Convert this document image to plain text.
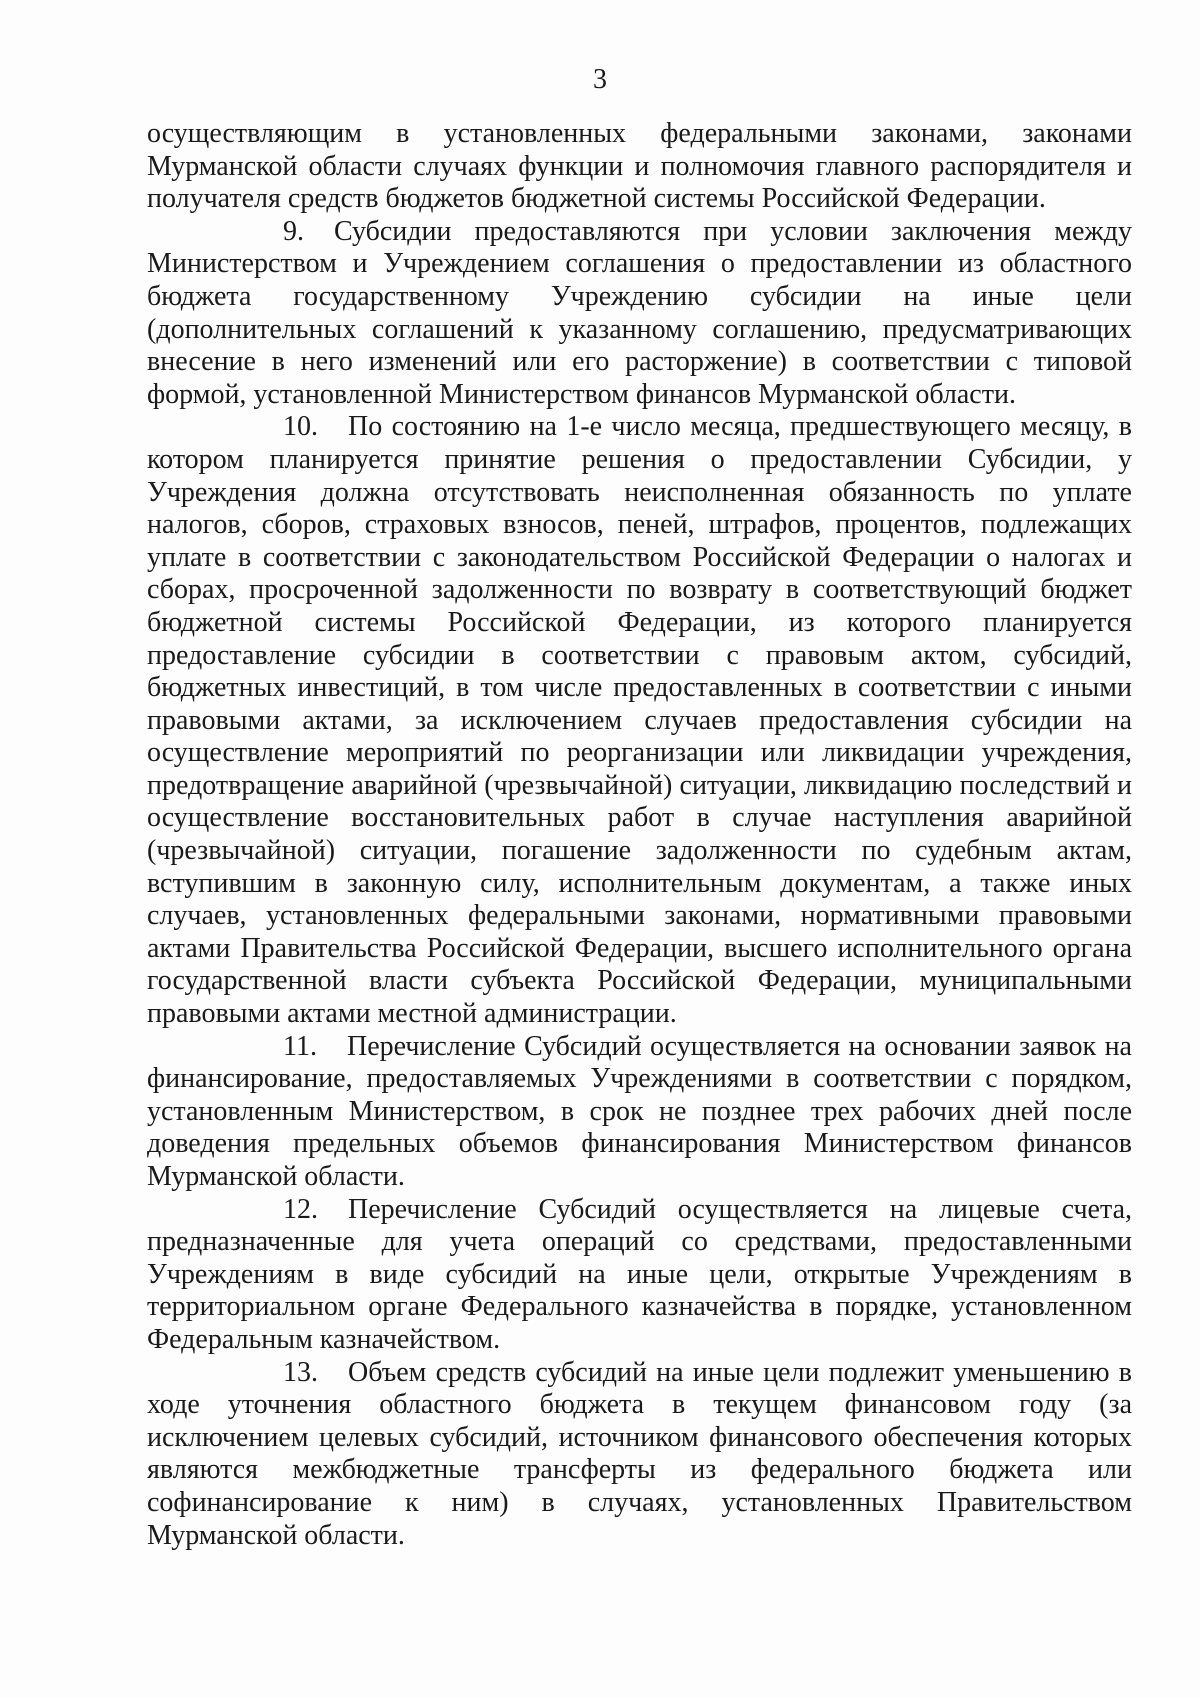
3

осуществляющим в установленных федеральными законами, законами Мурманской области случаях функции и полномочия главного распорядителя и получателя средств бюджетов бюджетной системы Российской Федерации.

9. Субсидии предоставляются при условии заключения между Министерством и Учреждением соглашения о предоставлении из областного бюджета государственному Учреждению субсидии на иные цели (дополнительных соглашений к указанному соглашению, предусматривающих внесение в него изменений или его расторжение) в соответствии с типовой формой, установленной Министерством финансов Мурманской области.

10. По состоянию на 1-е число месяца, предшествующего месяцу, в котором планируется принятие решения о предоставлении Субсидии, у Учреждения должна отсутствовать неисполненная обязанность по уплате налогов, сборов, страховых взносов, пеней, штрафов, процентов, подлежащих уплате в соответствии с законодательством Российской Федерации о налогах и сборах, просроченной задолженности по возврату в соответствующий бюджет бюджетной системы Российской Федерации, из которого планируется предоставление субсидии в соответствии с правовым актом, субсидий, бюджетных инвестиций, в том числе предоставленных в соответствии с иными правовыми актами, за исключением случаев предоставления субсидии на осуществление мероприятий по реорганизации или ликвидации учреждения, предотвращение аварийной (чрезвычайной) ситуации, ликвидацию последствий и осуществление восстановительных работ в случае наступления аварийной (чрезвычайной) ситуации, погашение задолженности по судебным актам, вступившим в законную силу, исполнительным документам, а также иных случаев, установленных федеральными законами, нормативными правовыми актами Правительства Российской Федерации, высшего исполнительного органа государственной власти субъекта Российской Федерации, муниципальными правовыми актами местной администрации.

11. Перечисление Субсидий осуществляется на основании заявок на финансирование, предоставляемых Учреждениями в соответствии с порядком, установленным Министерством, в срок не позднее трех рабочих дней после доведения предельных объемов финансирования Министерством финансов Мурманской области.

12. Перечисление Субсидий осуществляется на лицевые счета, предназначенные для учета операций со средствами, предоставленными Учреждениям в виде субсидий на иные цели, открытые Учреждениям в территориальном органе Федерального казначейства в порядке, установленном Федеральным казначейством.

13. Объем средств субсидий на иные цели подлежит уменьшению в ходе уточнения областного бюджета в текущем финансовом году (за исключением целевых субсидий, источником финансового обеспечения которых являются межбюджетные трансферты из федерального бюджета или софинансирование к ним) в случаях, установленных Правительством Мурманской области.
